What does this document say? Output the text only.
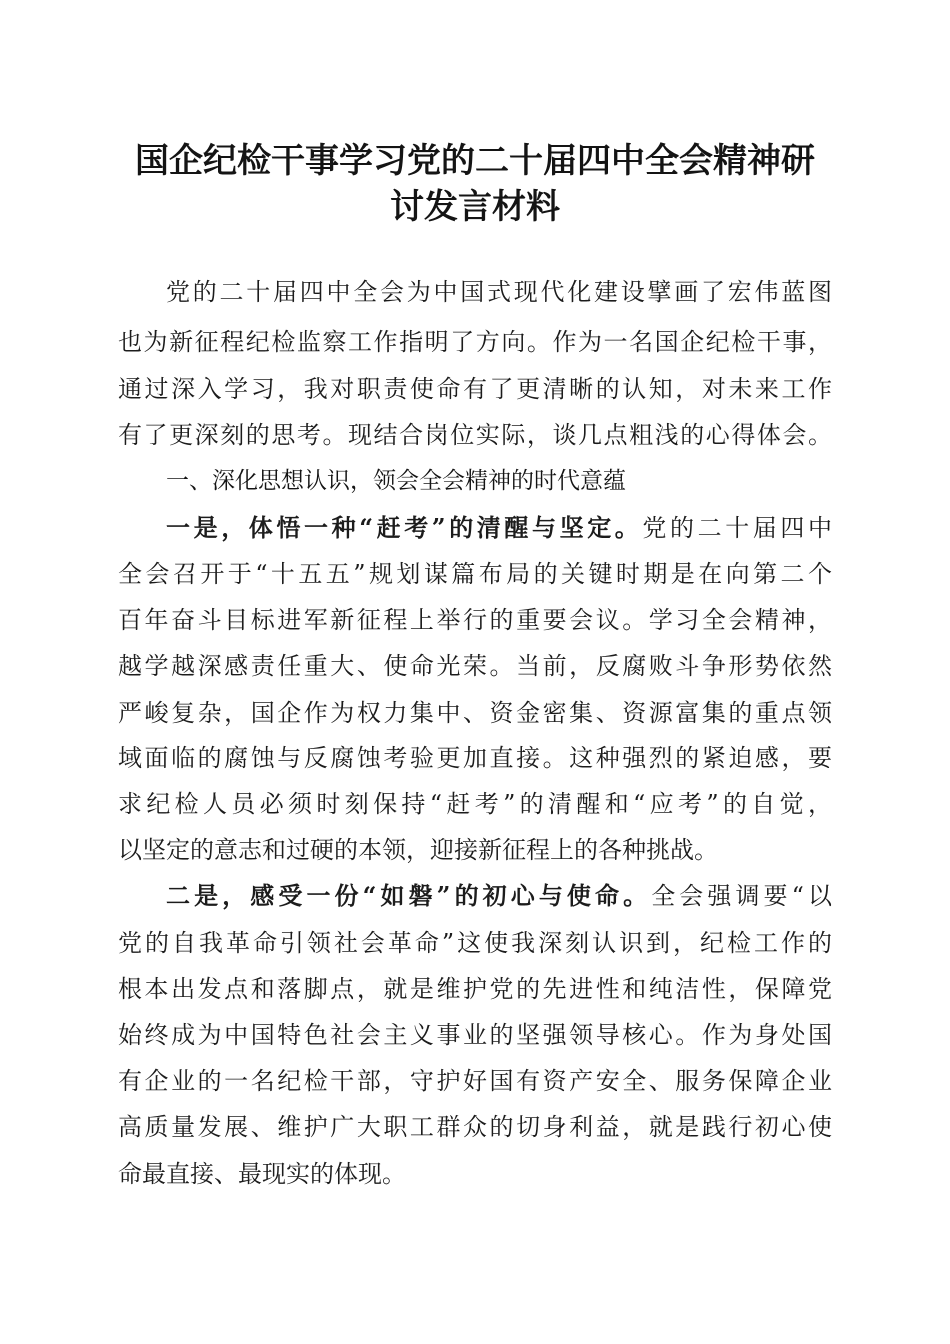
国企纪检干事学习党的二十届四中全会精神研
讨发言材料
党的二十届四中全会为中国式现代化建设擘画了宏伟蓝图
也为新征程纪检监察工作指明了方向。作为一名国企纪检干事，
通过深入学习，我对职责使命有了更清晰的认知，对未来工作
有了更深刻的思考。现结合岗位实际，谈几点粗浅的心得体会。
一、深化思想认识，领会全会精神的时代意蕴
一是，体悟一种“赶考”的清醒与坚定。党的二十届四中
全会召开于“十五五”规划谋篇布局的关键时期是在向第二个
百年奋斗目标进军新征程上举行的重要会议。学习全会精神，
越学越深感责任重大、使命光荣。当前，反腐败斗争形势依然
严峻复杂，国企作为权力集中、资金密集、资源富集的重点领
域面临的腐蚀与反腐蚀考验更加直接。这种强烈的紧迫感，要
求纪检人员必须时刻保持“赶考”的清醒和“应考”的自觉，
以坚定的意志和过硬的本领，迎接新征程上的各种挑战。
二是，感受一份“如磐”的初心与使命。全会强调要“以
党的自我革命引领社会革命”这使我深刻认识到，纪检工作的
根本出发点和落脚点，就是维护党的先进性和纯洁性，保障党
始终成为中国特色社会主义事业的坚强领导核心。作为身处国
有企业的一名纪检干部，守护好国有资产安全、服务保障企业
高质量发展、维护广大职工群众的切身利益，就是践行初心使
命最直接、最现实的体现。
